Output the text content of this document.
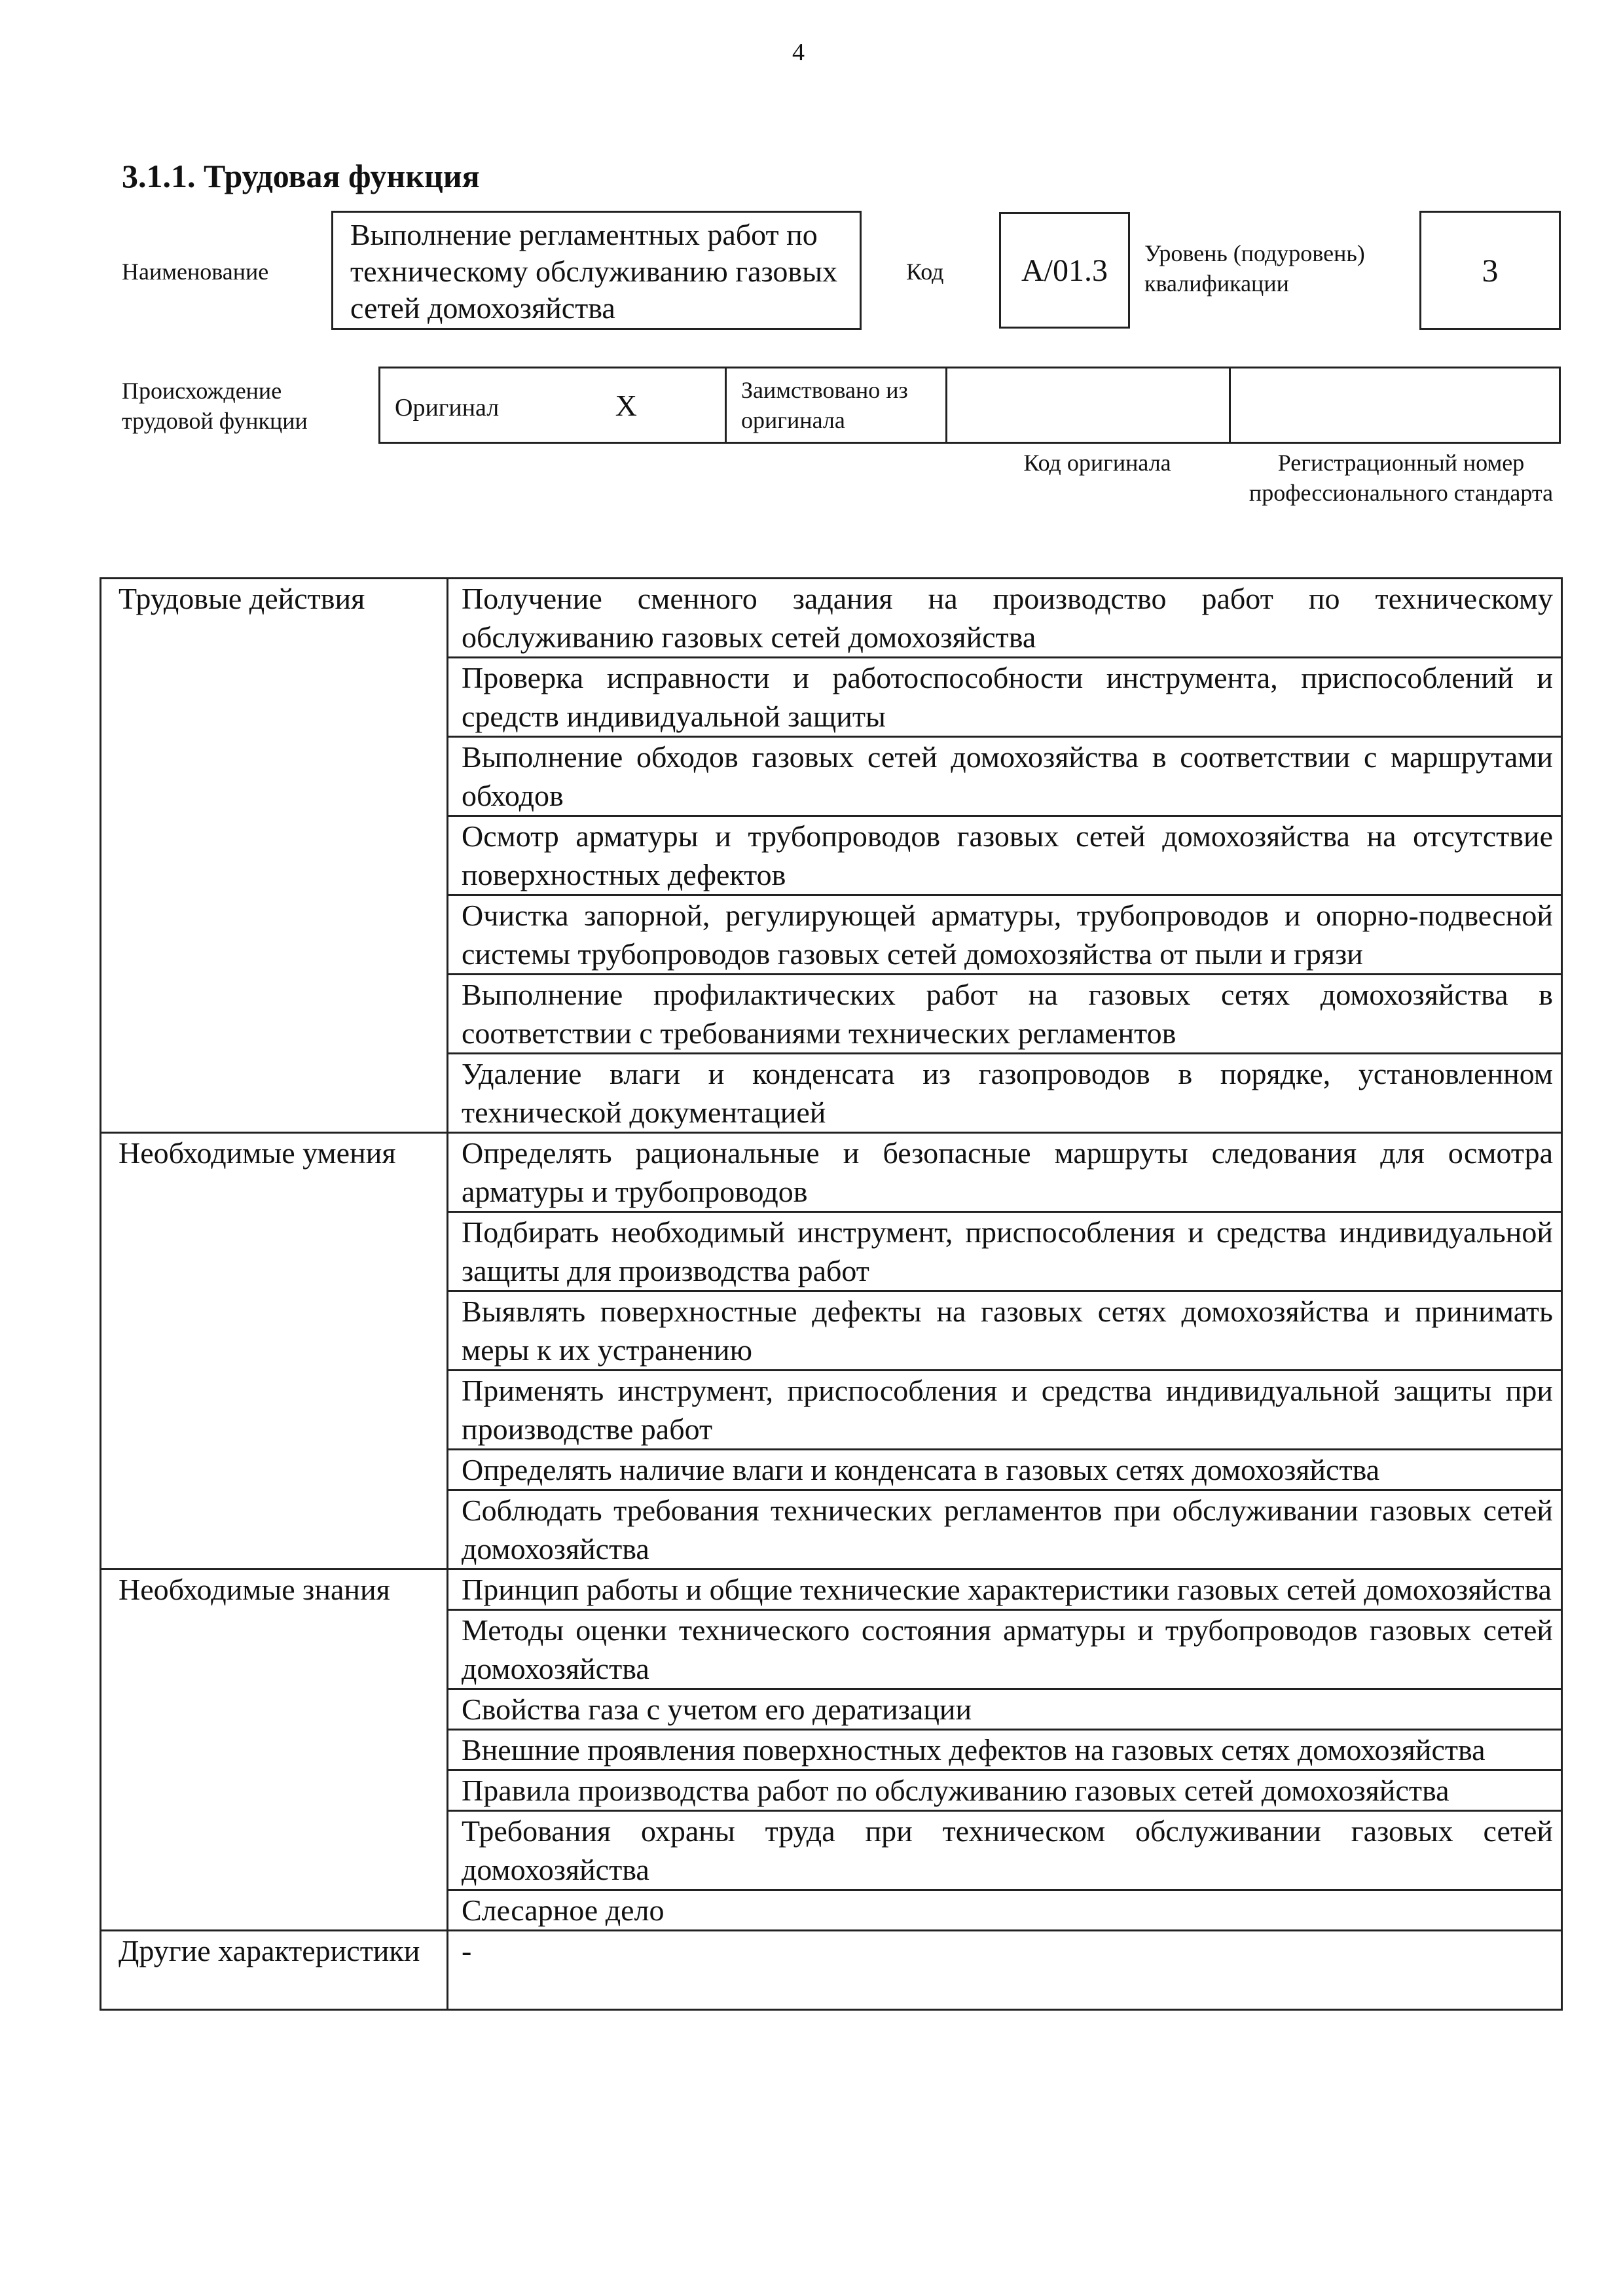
4
3.1.1. Трудовая функция
Наименование
Выполнение регламентных работ по техническому обслуживанию газовых сетей домохозяйства
Код	А/01.3	Уровень (подуровень) квалификации	3
Происхождение трудовой функции	Оригинал	Х	Заимствовано из оригинала		
Код оригинала	Регистрационный номер профессионального стандарта
Трудовые действия	Получение сменного задания на производство работ по техническому обслуживанию газовых сетей домохозяйства
	Проверка исправности и работоспособности инструмента, приспособлений и средств индивидуальной защиты
	Выполнение обходов газовых сетей домохозяйства в соответствии с маршрутами обходов
	Осмотр арматуры и трубопроводов газовых сетей домохозяйства на отсутствие поверхностных дефектов
	Очистка запорной, регулирующей арматуры, трубопроводов и опорно-подвесной системы трубопроводов газовых сетей домохозяйства от пыли и грязи
	Выполнение профилактических работ на газовых сетях домохозяйства в соответствии с требованиями технических регламентов
	Удаление влаги и конденсата из газопроводов в порядке, установленном технической документацией
Необходимые умения	Определять рациональные и безопасные маршруты следования для осмотра арматуры и трубопроводов
	Подбирать необходимый инструмент, приспособления и средства индивидуальной защиты для производства работ
	Выявлять поверхностные дефекты на газовых сетях домохозяйства и принимать меры к их устранению
	Применять инструмент, приспособления и средства индивидуальной защиты при производстве работ
	Определять наличие влаги и конденсата в газовых сетях домохозяйства
	Соблюдать требования технических регламентов при обслуживании газовых сетей домохозяйства
Необходимые знания	Принцип работы и общие технические характеристики газовых сетей домохозяйства
	Методы оценки технического состояния арматуры и трубопроводов газовых сетей домохозяйства
	Свойства газа с учетом его дератизации
	Внешние проявления поверхностных дефектов на газовых сетях домохозяйства
	Правила производства работ по обслуживанию газовых сетей домохозяйства
	Требования охраны труда при техническом обслуживании газовых сетей домохозяйства
	Слесарное дело
Другие характеристики	-
